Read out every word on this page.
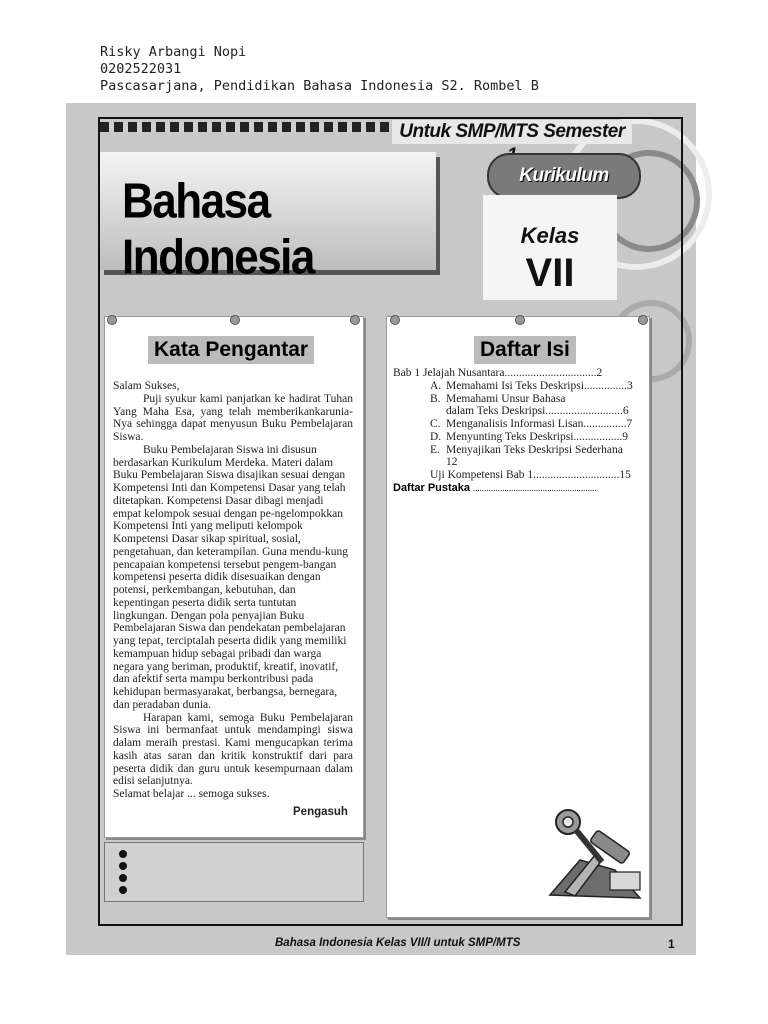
Risky Arbangi Nopi
0202522031
Pascasarjana, Pendidikan Bahasa Indonesia S2. Rombel B
Untuk SMP/MTS Semester
Bahasa Indonesia
Kurikulum
Kelas
VII
Kata Pengantar

Salam Sukses,

Puji syukur kami panjatkan ke hadirat Tuhan Yang Maha Esa, yang telah memberikankarunia-Nya sehingga dapat menyusun Buku Pembelajaran Siswa.

Buku Pembelajaran Siswa ini disusun berdasarkan Kurikulum Merdeka. Materi dalam Buku Pembelajaran Siswa disajikan sesuai dengan Kompetensi Inti dan Kompetensi Dasar yang telah ditetapkan. Kompetensi Dasar dibagi menjadi empat kelompok sesuai dengan pe-ngelompokkan Kompetensi Inti yang meliputi kelompok Kompetensi Dasar sikap spiritual, sosial, pengetahuan, dan keterampilan. Guna mendu-kung pencapaian kompetensi tersebut pengem-bangan kompetensi peserta didik disesuaikan dengan potensi, perkembangan, kebutuhan, dan kepentingan peserta didik serta tuntutan lingkungan. Dengan pola penyajian Buku Pembelajaran Siswa dan pendekatan pembelajaran yang tepat, terciptalah peserta didik yang memiliki kemampuan hidup sebagai pribadi dan warga negara yang beriman, produktif, kreatif, inovatif, dan afektif serta mampu berkontribusi pada kehidupan bermasyarakat, berbangsa, bernegara, dan peradaban dunia.

Harapan kami, semoga Buku Pembelajaran Siswa ini bermanfaat untuk mendampingi siswa dalam meraih prestasi. Kami mengucapkan terima kasih atas saran dan kritik konstruktif dari para peserta didik dan guru untuk kesempurnaan dalam edisi selanjutnya.

Selamat belajar ... semoga sukses.

Pengasuh
Daftar Isi
Bab 1 Jelajah Nusantara................................2
A. Memahami Isi Teks Deskripsi...............3
B. Memahami Unsur Bahasa
dalam Teks Deskripsi...........................6
C. Menganalisis Informasi Lisan...............7
D. Menyunting Teks Deskripsi.................9
E. Menyajikan Teks Deskripsi Sederhana
12
Uji Kompetensi Bab 1..............................15
Daftar Pustaka .......................................................
Bahasa Indonesia Kelas VII/I untuk SMP/MTS	1
